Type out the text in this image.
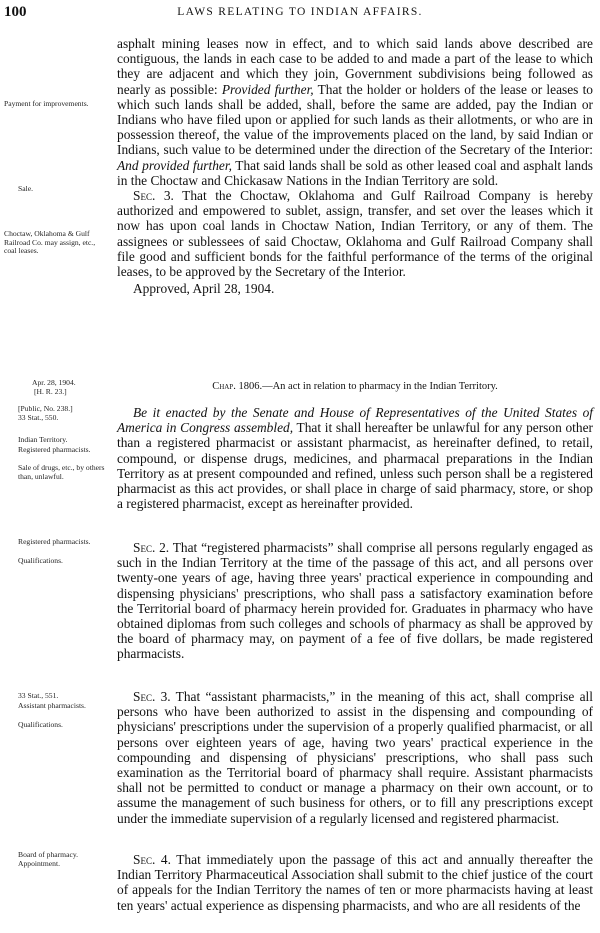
100	LAWS RELATING TO INDIAN AFFAIRS.
Payment for improvements.
Sale.
Choctaw, Oklahoma & Gulf Railroad Co. may assign, etc., coal leases.
Apr. 28, 1904.
[H. R. 23.]
[Public, No. 238.]
33 Stat., 550.
Indian Territory.
Registered pharmacists.
Sale of drugs, etc., by others than, unlawful.
Registered pharmacists.
Qualifications.
33 Stat., 551.
Assistant pharmacists.
Qualifications.
Board of pharmacy.
Appointment.
asphalt mining leases now in effect, and to which said lands above described are contiguous, the lands in each case to be added to and made a part of the lease to which they are adjacent and which they join, Government subdivisions being followed as nearly as possible: Provided further, That the holder or holders of the lease or leases to which such lands shall be added, shall, before the same are added, pay the Indian or Indians who have filed upon or applied for such lands as their allotments, or who are in possession thereof, the value of the improvements placed on the land, by said Indian or Indians, such value to be determined under the direction of the Secretary of the Interior: And provided further, That said lands shall be sold as other leased coal and asphalt lands in the Choctaw and Chickasaw Nations in the Indian Territory are sold.
Sec. 3. That the Choctaw, Oklahoma and Gulf Railroad Company is hereby authorized and empowered to sublet, assign, transfer, and set over the leases which it now has upon coal lands in Choctaw Nation, Indian Territory, or any of them. The assignees or sublessees of said Choctaw, Oklahoma and Gulf Railroad Company shall file good and sufficient bonds for the faithful performance of the terms of the original leases, to be approved by the Secretary of the Interior.
Approved, April 28, 1904.
Chap. 1806.—An act in relation to pharmacy in the Indian Territory.
Be it enacted by the Senate and House of Representatives of the United States of America in Congress assembled, That it shall hereafter be unlawful for any person other than a registered pharmacist or assistant pharmacist, as hereinafter defined, to retail, compound, or dispense drugs, medicines, and pharmacal preparations in the Indian Territory as at present compounded and refined, unless such person shall be a registered pharmacist as this act provides, or shall place in charge of said pharmacy, store, or shop a registered pharmacist, except as hereinafter provided.
Sec. 2. That “registered pharmacists” shall comprise all persons regularly engaged as such in the Indian Territory at the time of the passage of this act, and all persons over twenty-one years of age, having three years' practical experience in compounding and dispensing physicians' prescriptions, who shall pass a satisfactory examination before the Territorial board of pharmacy herein provided for. Graduates in pharmacy who have obtained diplomas from such colleges and schools of pharmacy as shall be approved by the board of pharmacy may, on payment of a fee of five dollars, be made registered pharmacists.
Sec. 3. That “assistant pharmacists,” in the meaning of this act, shall comprise all persons who have been authorized to assist in the dispensing and compounding of physicians' prescriptions under the supervision of a properly qualified pharmacist, or all persons over eighteen years of age, having two years' practical experience in the compounding and dispensing of physicians' prescriptions, who shall pass such examination as the Territorial board of pharmacy shall require. Assistant pharmacists shall not be permitted to conduct or manage a pharmacy on their own account, or to assume the management of such business for others, or to fill any prescriptions except under the immediate supervision of a regularly licensed and registered pharmacist.
Sec. 4. That immediately upon the passage of this act and annually thereafter the Indian Territory Pharmaceutical Association shall submit to the chief justice of the court of appeals for the Indian Territory the names of ten or more pharmacists having at least ten years' actual experience as dispensing pharmacists, and who are all residents of the
